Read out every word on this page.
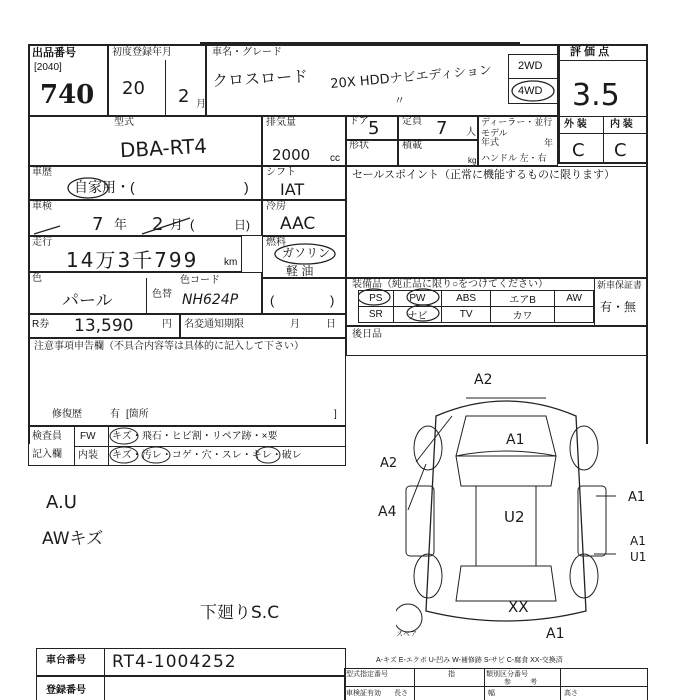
出品番号
[2040]
740
初度登録年月
20 2 月
車名・グレード
クロスロード 20X HDDナビエディション
〃
2WD
4WD
評 価 点
3.5
外 装 内 装
C C
型式
DBA-RT4
排気量
2000 cc
ドア 5 定員 7 人
形状	積載
kg
ディーラー・並行
モデル
年式	年
ハンドル 左・右
車歴
自家用・(	)
シフト
IAT
セールスポイント（正常に機能するものに限ります）
車検
7 年 2 月 (	日)
冷房
AAC
走行
14万3千799	km
燃料
ガソリン
軽 油
色
パール	色替
色コード
NH624P (	)
装備品（純正品に限り○をつけてください）
PS	PW	ABS	エアB	AW
SR	ナビ	TV	カワ	
新車保証書
有・無
R券 13,590	円 名変通知期限	月	日
後日品
注意事項申告欄（不具合内容等は具体的に記入して下さい）
修復歴	有 [箇所	]
検査員
記入欄
FW キズ・飛石・ヒビ割・リペア跡・×要
内装 キズ・汚レ・コゲ・穴・スレ・キレ・破レ
A.U
AWキズ
下廻りS.C
A2
A1
A2
A4	U2
A1
A1
U1
XX
A1
スペア
A-キズ E-エクボ U-凹み W-補修跡 S-サビ C-腐食 XX-交換済
車台番号 RT4-1004252
登録番号
型式指定番号	指	類別区分番号
参	考
車検証有効 長さ	幅	高さ
